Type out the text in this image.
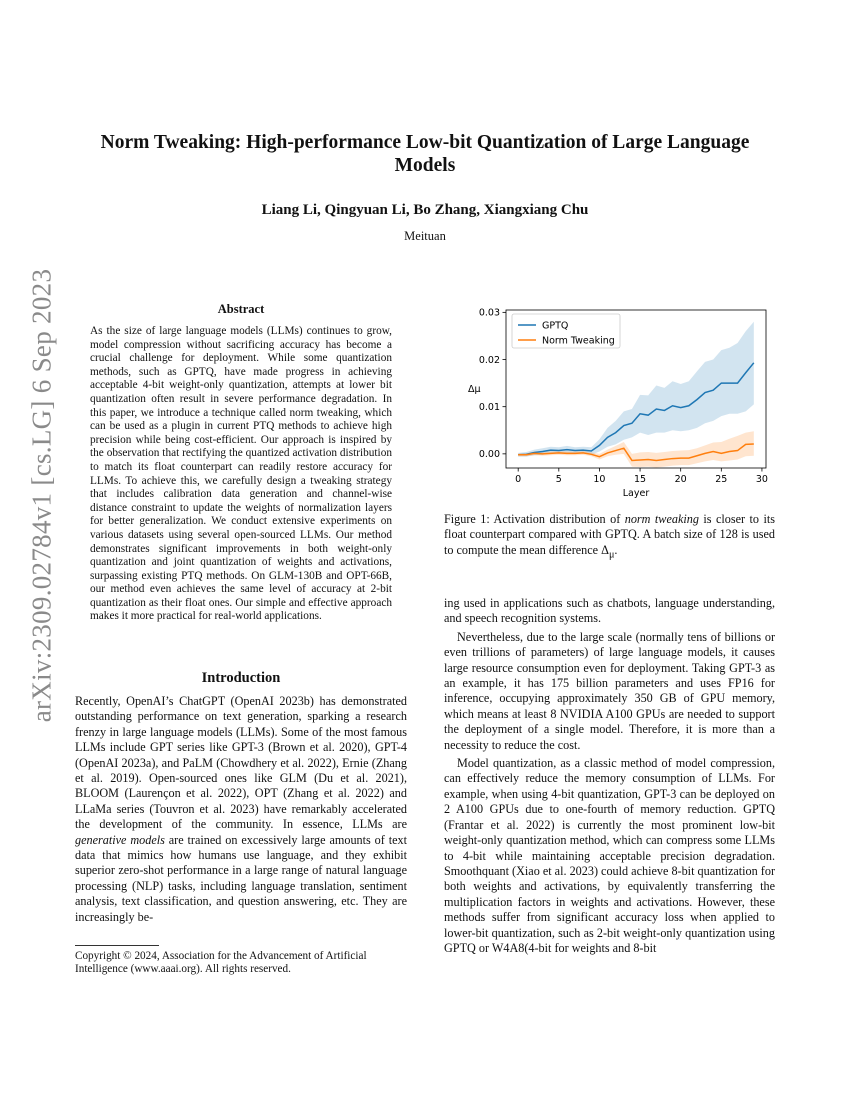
arXiv:2309.02784v1 [cs.LG] 6 Sep 2023
Norm Tweaking: High-performance Low-bit Quantization of Large Language Models
Liang Li, Qingyuan Li, Bo Zhang, Xiangxiang Chu
Meituan
Abstract
As the size of large language models (LLMs) continues to grow, model compression without sacrificing accuracy has become a crucial challenge for deployment. While some quantization methods, such as GPTQ, have made progress in achieving acceptable 4-bit weight-only quantization, attempts at lower bit quantization often result in severe performance degradation. In this paper, we introduce a technique called norm tweaking, which can be used as a plugin in current PTQ methods to achieve high precision while being cost-efficient. Our approach is inspired by the observation that rectifying the quantized activation distribution to match its float counterpart can readily restore accuracy for LLMs. To achieve this, we carefully design a tweaking strategy that includes calibration data generation and channel-wise distance constraint to update the weights of normalization layers for better generalization. We conduct extensive experiments on various datasets using several open-sourced LLMs. Our method demonstrates significant improvements in both weight-only quantization and joint quantization of weights and activations, surpassing existing PTQ methods. On GLM-130B and OPT-66B, our method even achieves the same level of accuracy at 2-bit quantization as their float ones. Our simple and effective approach makes it more practical for real-world applications.
Introduction

Recently, OpenAI’s ChatGPT (OpenAI 2023b) has demonstrated outstanding performance on text generation, sparking a research frenzy in large language models (LLMs). Some of the most famous LLMs include GPT series like GPT-3 (Brown et al. 2020), GPT-4 (OpenAI 2023a), and PaLM (Chowdhery et al. 2022), Ernie (Zhang et al. 2019). Open-sourced ones like GLM (Du et al. 2021), BLOOM (Laurençon et al. 2022), OPT (Zhang et al. 2022) and LLaMa series (Touvron et al. 2023) have remarkably accelerated the development of the community. In essence, LLMs are generative models are trained on excessively large amounts of text data that mimics how humans use language, and they exhibit superior zero-shot performance in a large range of natural language processing (NLP) tasks, including language translation, sentiment analysis, text classification, and question answering, etc. They are increasingly be-

Copyright © 2024, Association for the Advancement of Artificial Intelligence (www.aaai.org). All rights reserved.
0	5	10	15	20	25	30
0.00
0.01
0.02
0.03
Layer
Δμ
GPTQ
Norm Tweaking
Figure 1: Activation distribution of norm tweaking is closer to its float counterpart compared with GPTQ. A batch size of 128 is used to compute the mean difference $\Delta_\mu$.

ing used in applications such as chatbots, language understanding, and speech recognition systems.

Nevertheless, due to the large scale (normally tens of billions or even trillions of parameters) of large language models, it causes large resource consumption even for deployment. Taking GPT-3 as an example, it has 175 billion parameters and uses FP16 for inference, occupying approximately 350 GB of GPU memory, which means at least 8 NVIDIA A100 GPUs are needed to support the deployment of a single model. Therefore, it is more than a necessity to reduce the cost.

Model quantization, as a classic method of model compression, can effectively reduce the memory consumption of LLMs. For example, when using 4-bit quantization, GPT-3 can be deployed on 2 A100 GPUs due to one-fourth of memory reduction. GPTQ (Frantar et al. 2022) is currently the most prominent low-bit weight-only quantization method, which can compress some LLMs to 4-bit while maintaining acceptable precision degradation. Smoothquant (Xiao et al. 2023) could achieve 8-bit quantization for both weights and activations, by equivalently transferring the multiplication factors in weights and activations. However, these methods suffer from significant accuracy loss when applied to lower-bit quantization, such as 2-bit weight-only quantization using GPTQ or W4A8(4-bit for weights and 8-bit
